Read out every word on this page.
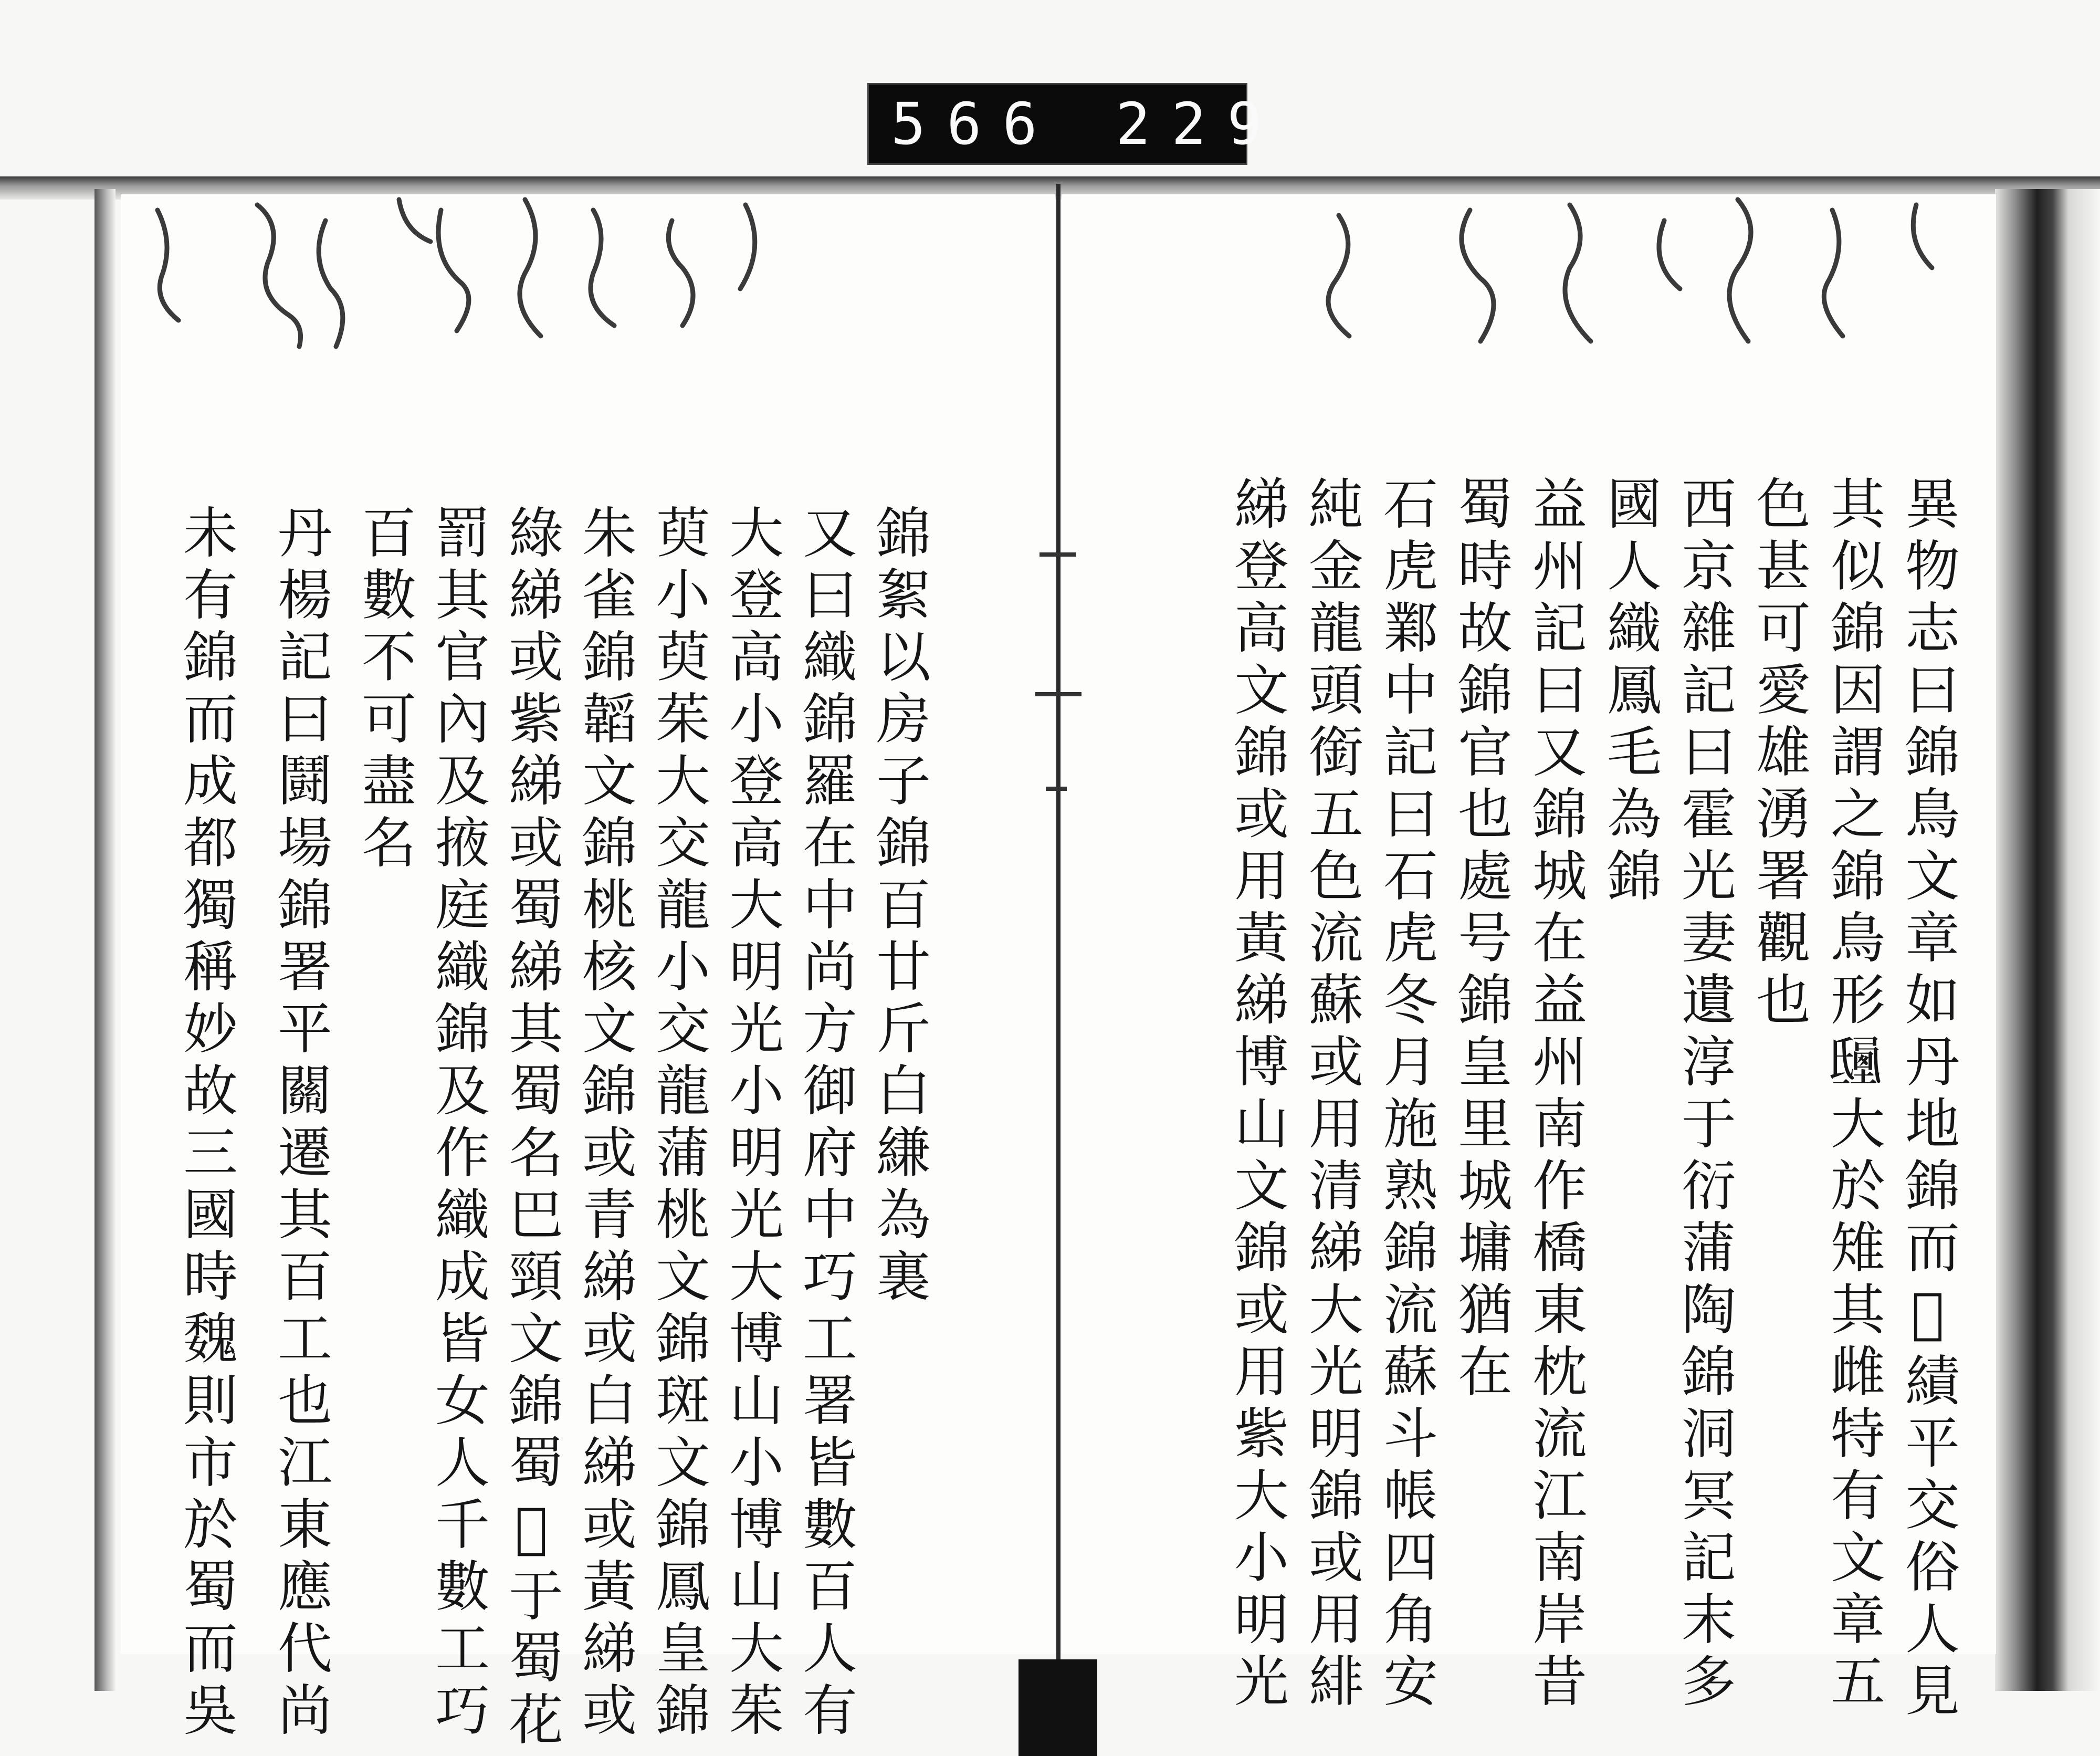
566 229
異物志曰錦鳥文章如丹地錦而𮫛績平交俗人見
其似錦因謂之錦鳥形𣱒大於雉其雌特有文章五
色甚可愛雄湧署觀也
西京雜記曰霍光妻遺淳于衍蒲陶錦洞冥記末多
國人織鳳毛為錦
益州記曰又錦城在益州南作橋東枕流江南岸昔
蜀時故錦官也處号錦皇里城墉猶在
石虎鄴中記曰石虎冬月施熟錦流蘇斗帳四角安
純金龍頭銜五色流蘇或用清綈大光明錦或用緋
綈登高文錦或用黃綈博山文錦或用紫大小明光
錦絮以房子錦百廿斤白縑為裏
又曰織錦羅在中尚方御府中巧工署皆數百人有
大登高小登高大明光小明光大博山小博山大茱
萸小萸茱大交龍小交龍蒲桃文錦斑文錦鳳皇錦
朱雀錦韜文錦桃核文錦或青綈或白綈或黃綈或
綠綈或紫綈或蜀綈其蜀名巴頸文錦蜀𦉤于蜀花
罰其官內及掖庭織錦及作織成皆女人千數工巧
百數不可盡名
丹楊記曰鬪場錦署平關遷其百工也江東應代尚
未有錦而成都獨稱妙故三國時魏則市於蜀而吳
